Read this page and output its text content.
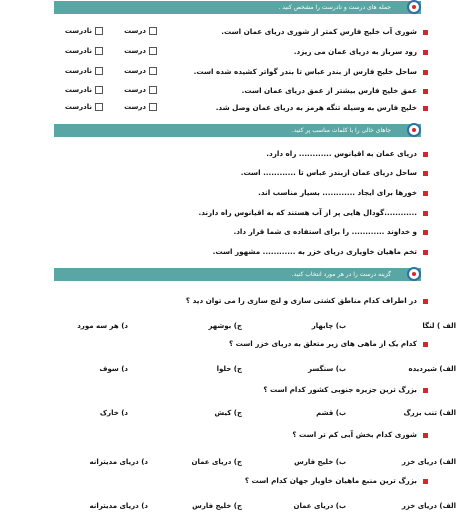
جمله های درست و نادرست را مشخص کنید .
شوری آب خلیج فارس کمتر از شوری دریای عمان است.
رود سرباز به دریای عمان می ریزد.
ساحل خلیج فارس از بندر عباس تا بندر گواتر کشیده شده است.
عمق خلیج فارس بیشتر از عمق دریای عمان است.
خلیج فارس به وسیله تنگه هرمز به دریای عمان وصل شد.
درست
نادرست
درست
نادرست
درست
نادرست
درست
نادرست
درست
نادرست
جاهای خالی را با کلمات مناسب پر کنید.
دریای عمان به اقیانوس ............ راه دارد.
ساحل دریای عمان ازبندر عباس تا ............ است.
خورها برای ایجاد ............ بسیار مناسب اند.
............گودال هایی پر از آب هستند که به اقیانوس راه دارند.
و خداوند ............ را برای استفاده ی شما قرار داد.
تخم ماهیان خاویاری دریای خزر به ............ مشهور است.
گزینه درست را در هر مورد انتخاب کنید.
در اطراف کدام مناطق کشتی سازی و لنج سازی را می توان دید ؟
الف ) لنگا
ب) چابهار
ج) بوشهر
د) هر سه مورد
کدام یک از ماهی های زیر متعلق به دریای خزر است ؟
الف) شیردیده
ب) سنگسر
ج) حلوا
د) سوف
بزرگ ترین جزیره جنوبی کشور کدام است ؟
الف) تنب بزرگ
ب) قشم
ج) کیش
د) خارک
شوری کدام بخش آبی کم تر است ؟
الف) دریای خزر
ب) خلیج فارس
ج) دریای عمان
د) دریای مدیترانه
بزرگ ترین منبع ماهیان خاویار جهان کدام است ؟
الف) دریای خزر
ب) دریای عمان
ج) خلیج فارس
د) دریای مدیترانه
